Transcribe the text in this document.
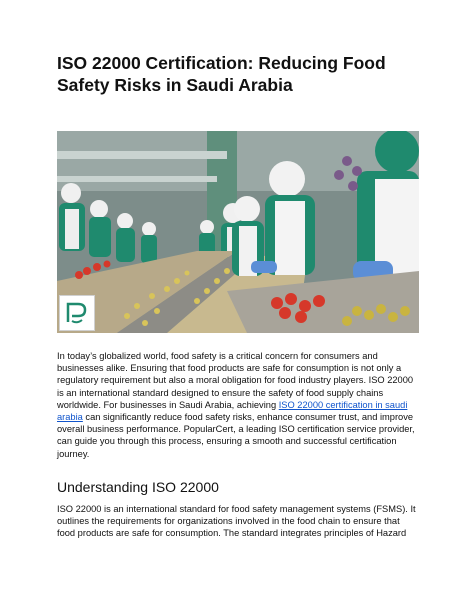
ISO 22000 Certification: Reducing Food Safety Risks in Saudi Arabia

In today’s globalized world, food safety is a critical concern for consumers and businesses alike. Ensuring that food products are safe for consumption is not only a regulatory requirement but also a moral obligation for food industry players. ISO 22000 is an international standard designed to ensure the safety of food supply chains worldwide. For businesses in Saudi Arabia, achieving ISO 22000 certification in saudi arabia can significantly reduce food safety risks, enhance consumer trust, and improve overall business performance. PopularCert, a leading ISO certification service provider, can guide you through this process, ensuring a smooth and successful certification journey.

Understanding ISO 22000

ISO 22000 is an international standard for food safety management systems (FSMS). It outlines the requirements for organizations involved in the food chain to ensure that food products are safe for consumption. The standard integrates principles of Hazard
